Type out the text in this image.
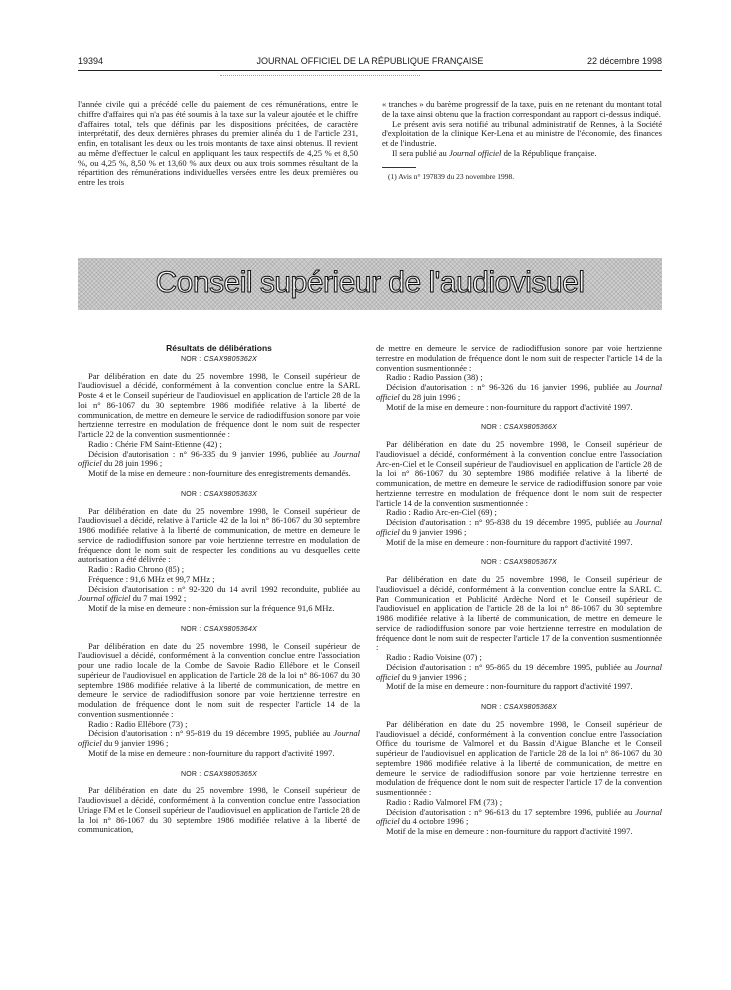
19394	JOURNAL OFFICIEL DE LA RÉPUBLIQUE FRANÇAISE	22 décembre 1998

l'année civile qui a précédé celle du paiement de ces rémunérations, entre le chiffre d'affaires qui n'a pas été soumis à la taxe sur la valeur ajoutée et le chiffre d'affaires total, tels que définis par les dispositions précitées, de caractère interprétatif, des deux dernières phrases du premier alinéa du 1 de l'article 231, enfin, en totalisant les deux ou les trois montants de taxe ainsi obtenus. Il revient au même d'effectuer le calcul en appliquant les taux respectifs de 4,25 % et 8,50 %, ou 4,25 %, 8,50 % et 13,60 % aux deux ou aux trois sommes résultant de la répartition des rémunérations individuelles versées entre les deux premières ou entre les trois

« tranches » du barème progressif de la taxe, puis en ne retenant du montant total de la taxe ainsi obtenu que la fraction correspondant au rapport ci-dessus indiqué.

Le présent avis sera notifié au tribunal administratif de Rennes, à la Société d'exploitation de la clinique Ker-Lena et au ministre de l'économie, des finances et de l'industrie.

Il sera publié au Journal officiel de la République française.

(1) Avis n° 197839 du 23 novembre 1998.

Conseil supérieur de l'audiovisuel
Résultats de délibérations
NOR : CSAX9805362X

Par délibération en date du 25 novembre 1998, le Conseil supérieur de l'audiovisuel a décidé, conformément à la convention conclue entre la SARL Poste 4 et le Conseil supérieur de l'audiovisuel en application de l'article 28 de la loi n° 86-1067 du 30 septembre 1986 modifiée relative à la liberté de communication, de mettre en demeure le service de radiodiffusion sonore par voie hertzienne terrestre en modulation de fréquence dont le nom suit de respecter l'article 22 de la convention susmentionnée :

Radio : Chérie FM Saint-Etienne (42) ;

Décision d'autorisation : n° 96-335 du 9 janvier 1996, publiée au Journal officiel du 28 juin 1996 ;

Motif de la mise en demeure : non-fourniture des enregistrements demandés.

NOR : CSAX9805363X

Par délibération en date du 25 novembre 1998, le Conseil supérieur de l'audiovisuel a décidé, relative à l'article 42 de la loi n° 86-1067 du 30 septembre 1986 modifiée relative à la liberté de communication, de mettre en demeure le service de radiodiffusion sonore par voie hertzienne terrestre en modulation de fréquence dont le nom suit de respecter les conditions au vu desquelles cette autorisation a été délivrée :

Radio : Radio Chrono (85) ;

Fréquence : 91,6 MHz et 99,7 MHz ;

Décision d'autorisation : n° 92-320 du 14 avril 1992 reconduite, publiée au Journal officiel du 7 mai 1992 ;

Motif de la mise en demeure : non-émission sur la fréquence 91,6 MHz.

NOR : CSAX9805364X

Par délibération en date du 25 novembre 1998, le Conseil supérieur de l'audiovisuel a décidé, conformément à la convention conclue entre l'association pour une radio locale de la Combe de Savoie Radio Ellébore et le Conseil supérieur de l'audiovisuel en application de l'article 28 de la loi n° 86-1067 du 30 septembre 1986 modifiée relative à la liberté de communication, de mettre en demeure le service de radiodiffusion sonore par voie hertzienne terrestre en modulation de fréquence dont le nom suit de respecter l'article 14 de la convention susmentionnée :

Radio : Radio Ellébore (73) ;

Décision d'autorisation : n° 95-819 du 19 décembre 1995, publiée au Journal officiel du 9 janvier 1996 ;

Motif de la mise en demeure : non-fourniture du rapport d'activité 1997.

NOR : CSAX9805365X

Par délibération en date du 25 novembre 1998, le Conseil supérieur de l'audiovisuel a décidé, conformément à la convention conclue entre l'association Uriage FM et le Conseil supérieur de l'audiovisuel en application de l'article 28 de la loi n° 86-1067 du 30 septembre 1986 modifiée relative à la liberté de communication,

de mettre en demeure le service de radiodiffusion sonore par voie hertzienne terrestre en modulation de fréquence dont le nom suit de respecter l'article 14 de la convention susmentionnée :

Radio : Radio Passion (38) ;

Décision d'autorisation : n° 96-326 du 16 janvier 1996, publiée au Journal officiel du 28 juin 1996 ;

Motif de la mise en demeure : non-fourniture du rapport d'activité 1997.

NOR : CSAX9805366X

Par délibération en date du 25 novembre 1998, le Conseil supérieur de l'audiovisuel a décidé, conformément à la convention conclue entre l'association Arc-en-Ciel et le Conseil supérieur de l'audiovisuel en application de l'article 28 de la loi n° 86-1067 du 30 septembre 1986 modifiée relative à la liberté de communication, de mettre en demeure le service de radiodiffusion sonore par voie hertzienne terrestre en modulation de fréquence dont le nom suit de respecter l'article 14 de la convention susmentionnée :

Radio : Radio Arc-en-Ciel (69) ;

Décision d'autorisation : n° 95-838 du 19 décembre 1995, publiée au Journal officiel du 9 janvier 1996 ;

Motif de la mise en demeure : non-fourniture du rapport d'activité 1997.

NOR : CSAX9805367X

Par délibération en date du 25 novembre 1998, le Conseil supérieur de l'audiovisuel a décidé, conformément à la convention conclue entre la SARL C. Pan Communication et Publicité Ardèche Nord et le Conseil supérieur de l'audiovisuel en application de l'article 28 de la loi n° 86-1067 du 30 septembre 1986 modifiée relative à la liberté de communication, de mettre en demeure le service de radiodiffusion sonore par voie hertzienne terrestre en modulation de fréquence dont le nom suit de respecter l'article 17 de la convention susmentionnée :

Radio : Radio Voisine (07) ;

Décision d'autorisation : n° 95-865 du 19 décembre 1995, publiée au Journal officiel du 9 janvier 1996 ;

Motif de la mise en demeure : non-fourniture du rapport d'activité 1997.

NOR : CSAX9805368X

Par délibération en date du 25 novembre 1998, le Conseil supérieur de l'audiovisuel a décidé, conformément à la convention conclue entre l'association Office du tourisme de Valmorel et du Bassin d'Aigue Blanche et le Conseil supérieur de l'audiovisuel en application de l'article 28 de la loi n° 86-1067 du 30 septembre 1986 modifiée relative à la liberté de communication, de mettre en demeure le service de radiodiffusion sonore par voie hertzienne terrestre en modulation de fréquence dont le nom suit de respecter l'article 17 de la convention susmentionnée :

Radio : Radio Valmorel FM (73) ;

Décision d'autorisation : n° 96-613 du 17 septembre 1996, publiée au Journal officiel du 4 octobre 1996 ;

Motif de la mise en demeure : non-fourniture du rapport d'activité 1997.
